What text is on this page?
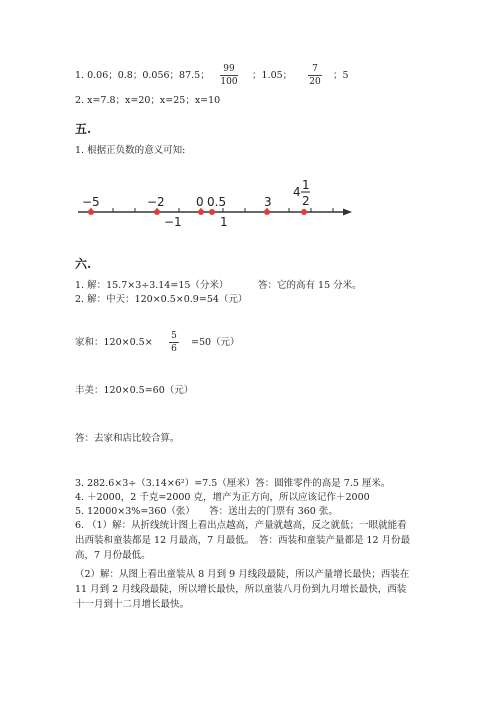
1. 0.06；0.8；0.056；87.5；
99
100
；1.05；
7
20
；5
2. x=7.8；x=20；x=25；x=10
五.
1. 根据正负数的意义可知:
−5	−2	0 0.5	3
−1	1
4 1
2
六.
1. 解：15.7×3÷3.14=15（分米）	答：它的高有 15 分米。
2. 解：中天：120×0.5×0.9=54（元）
家和：120×0.5×
5
6
=50（元）
丰美：120×0.5=60（元）
答：去家和店比较合算。
3. 282.6×3÷（3.14×6²）=7.5（厘米）答：圆锥零件的高是 7.5 厘米。
4. ＋2000，2 千克=2000 克，增产为正方向，所以应该记作＋2000
5. 12000×3%=360（张）　　答：送出去的门票有 360 张。
6. （1）解：从折线统计图上看出点越高，产量就越高，反之就低；一眼就能看出西装和童装都是 12 月最高，7 月最低。　答：西装和童装产量都是 12 月份最高，7 月份最低。
（2）解：从图上看出童装从 8 月到 9 月线段最陡，所以产量增长最快；西装在 11 月到 2 月线段最陡，所以增长最快，所以童装八月份到九月增长最快，西装十一月到十二月增长最快。
